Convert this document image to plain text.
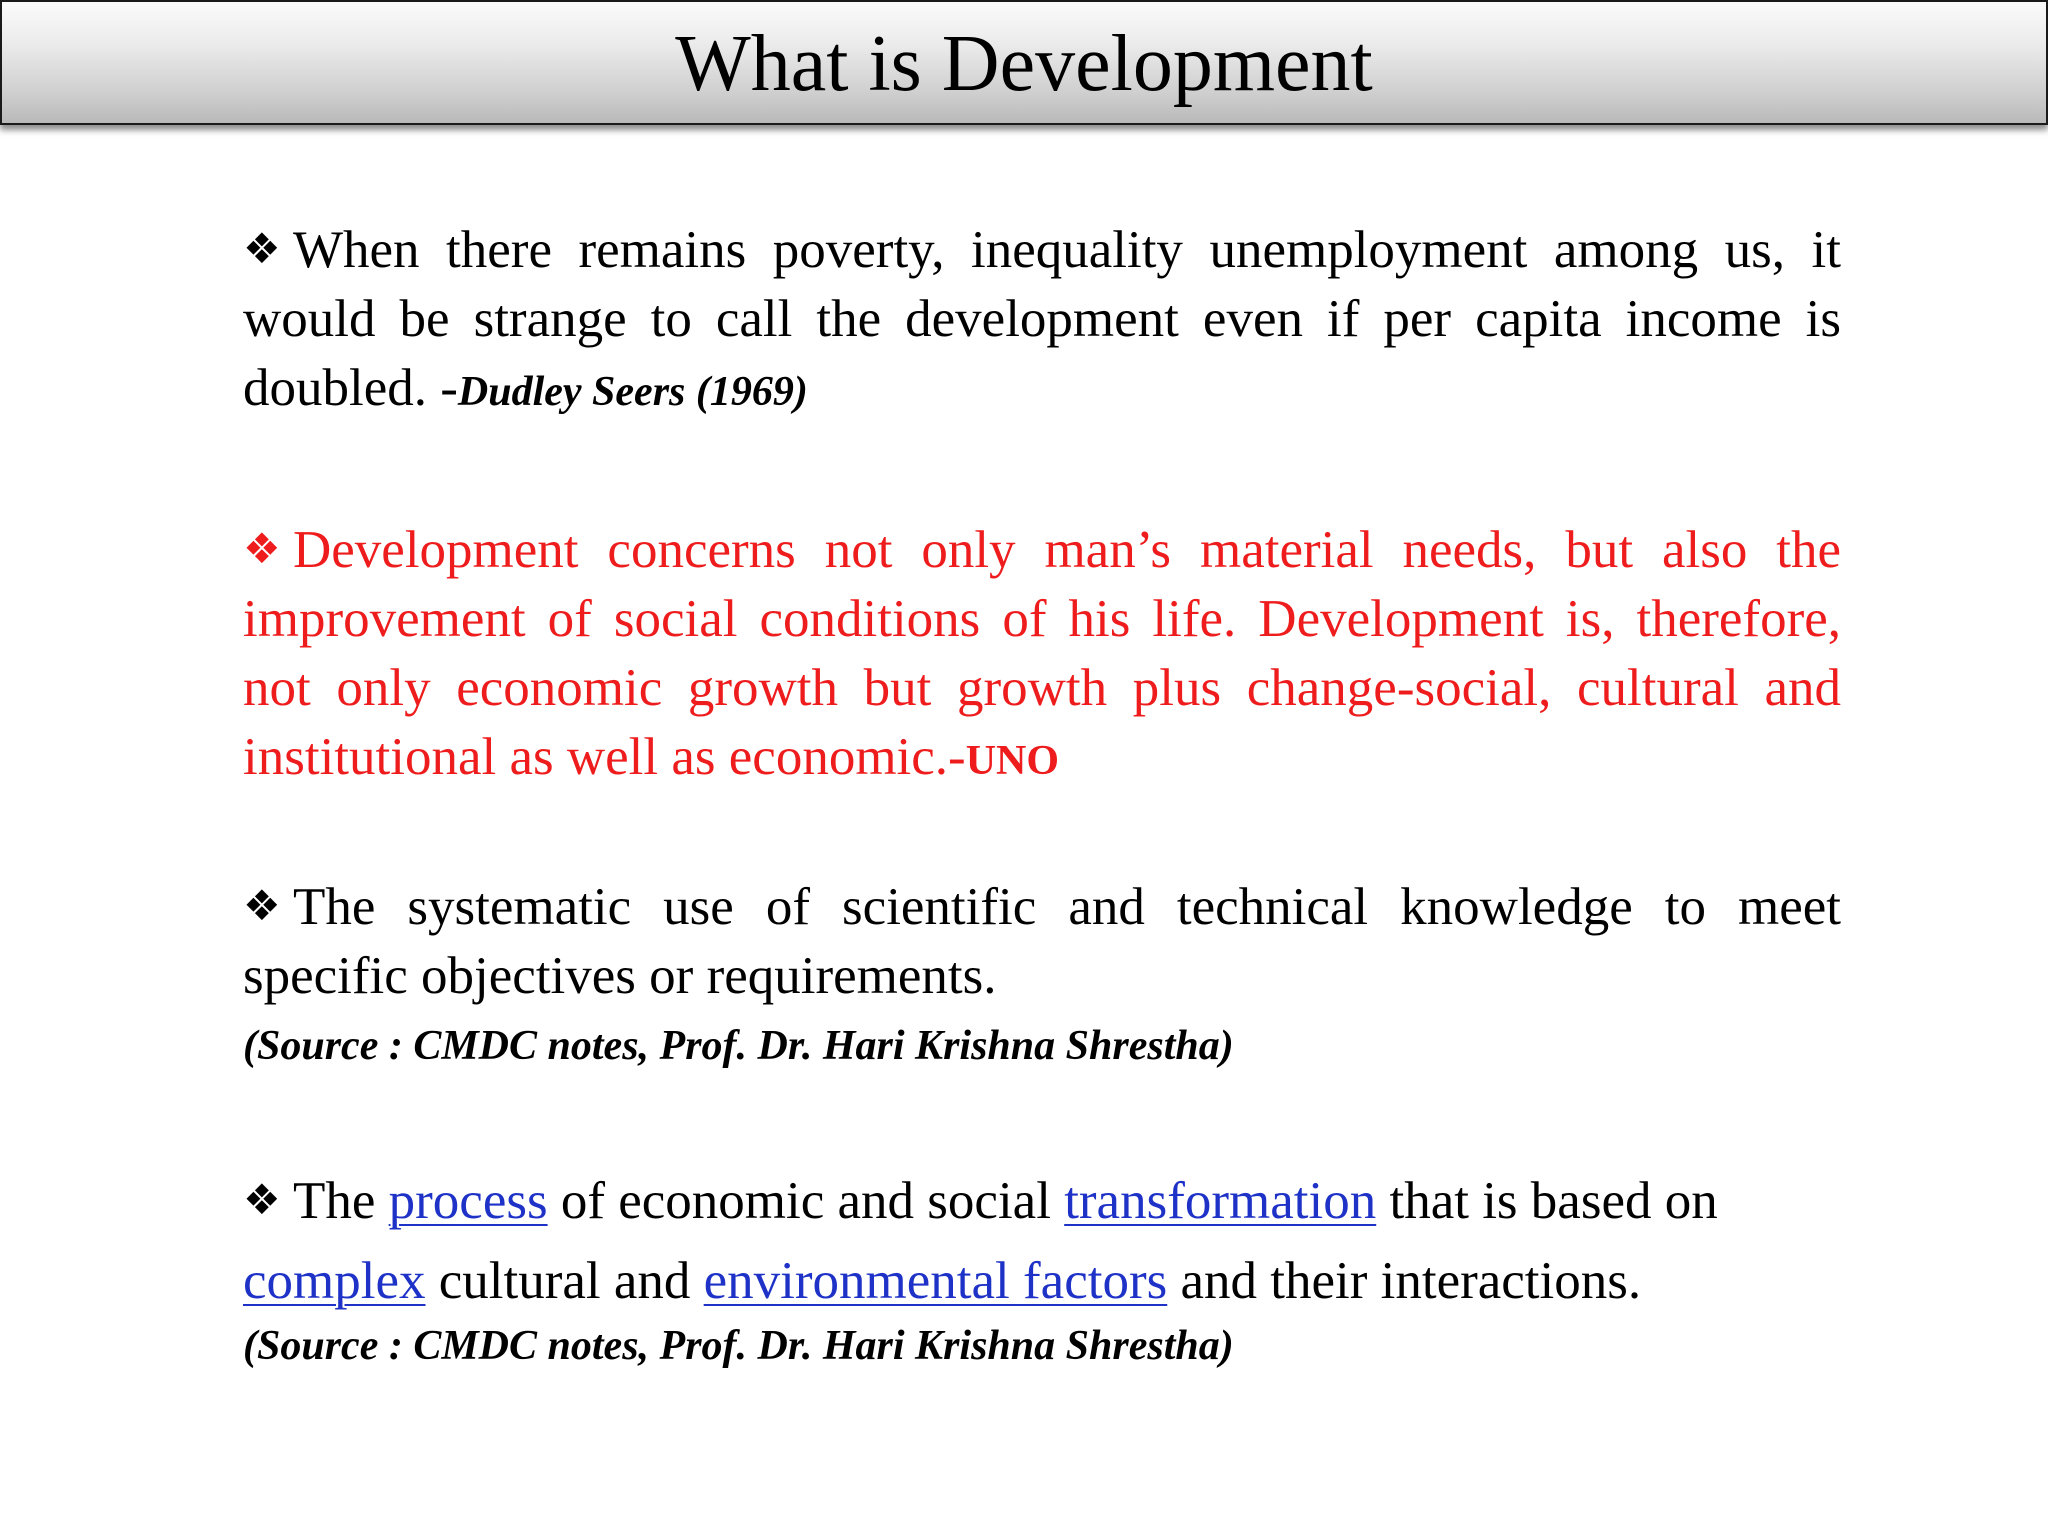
What is Development

❖ When there remains poverty, inequality unemployment among us, it would be strange to call the development even if per capita income is doubled. -Dudley Seers (1969)

❖ Development concerns not only man’s material needs, but also the improvement of social conditions of his life. Development is, therefore, not only economic growth but growth plus change-social, cultural and institutional as well as economic.-UNO

❖ The systematic use of scientific and technical knowledge to meet specific objectives or requirements.

(Source : CMDC notes, Prof. Dr. Hari Krishna Shrestha)

❖ The process of economic and social transformation that is based on
complex cultural and environmental factors and their interactions.

(Source : CMDC notes, Prof. Dr. Hari Krishna Shrestha)
